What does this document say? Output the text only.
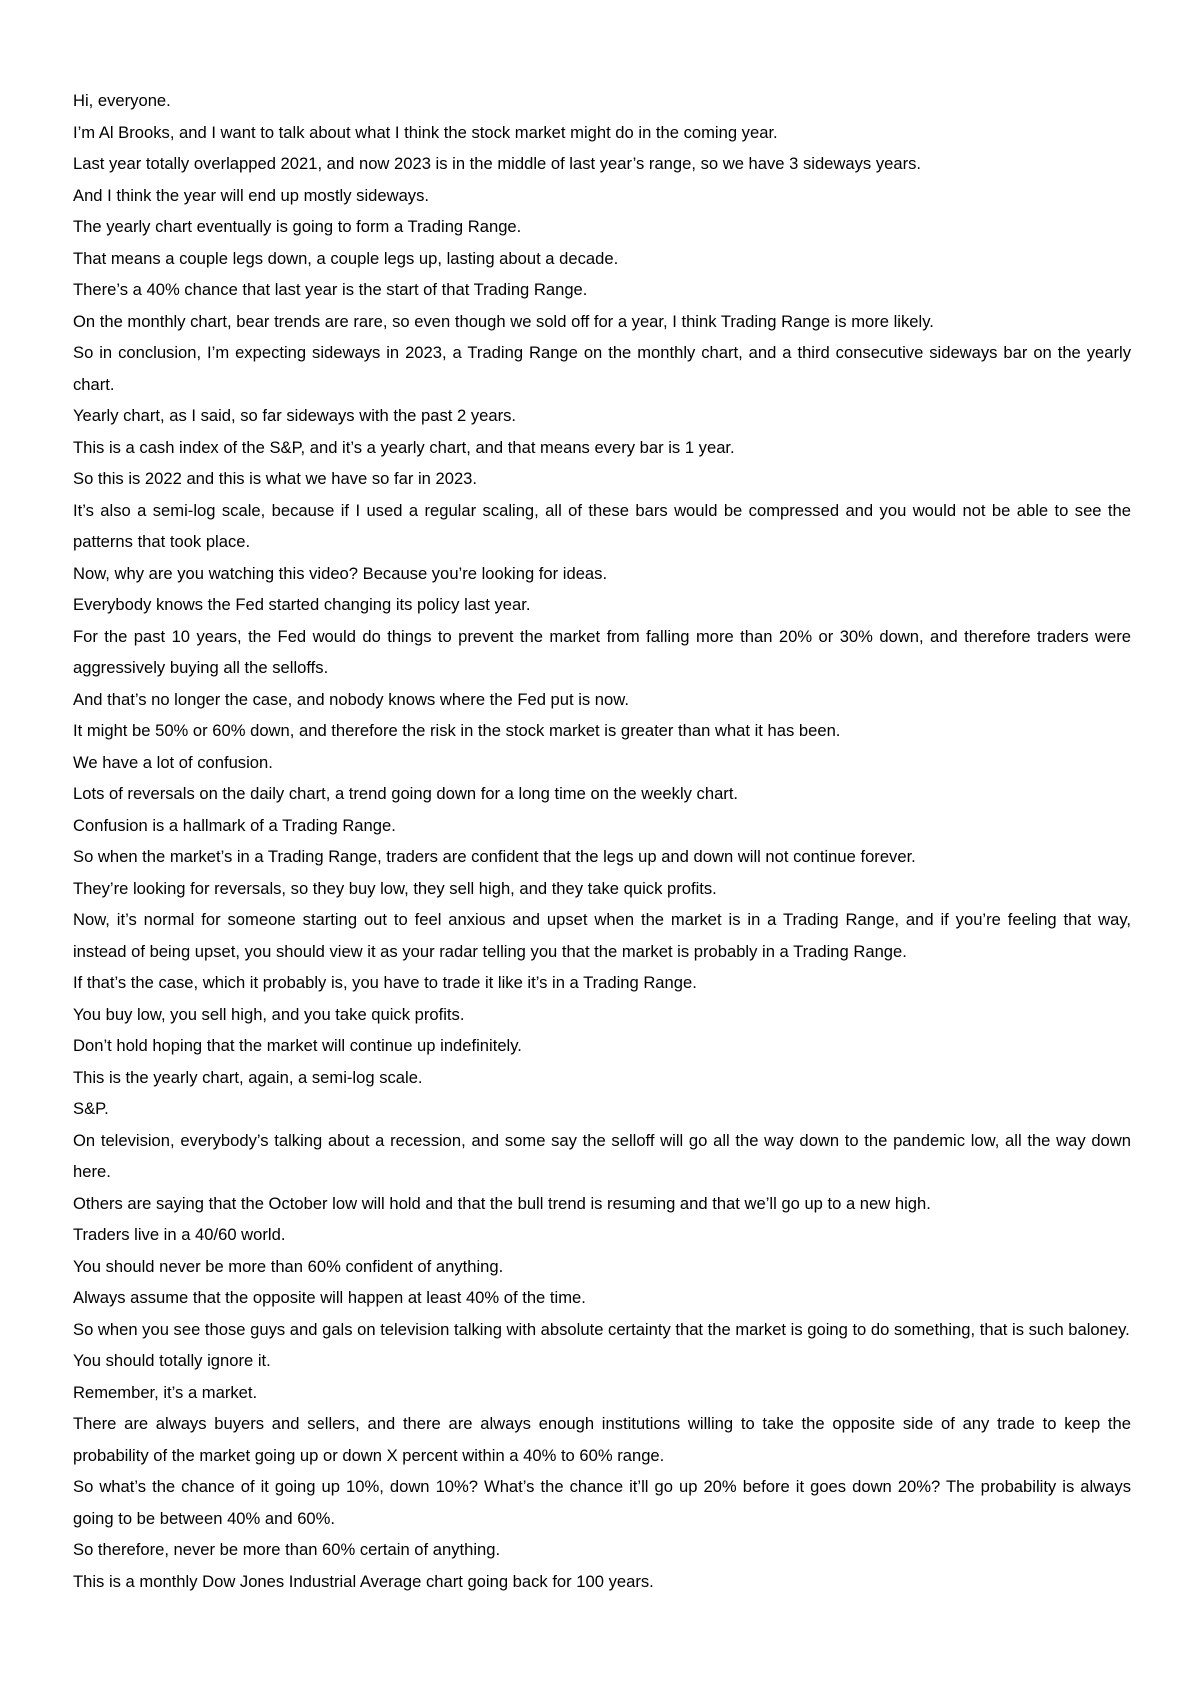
Hi, everyone.

I’m Al Brooks, and I want to talk about what I think the stock market might do in the coming year.

Last year totally overlapped 2021, and now 2023 is in the middle of last year’s range, so we have 3 sideways years.

And I think the year will end up mostly sideways.

The yearly chart eventually is going to form a Trading Range.

That means a couple legs down, a couple legs up, lasting about a decade.

There’s a 40% chance that last year is the start of that Trading Range.

On the monthly chart, bear trends are rare, so even though we sold off for a year, I think Trading Range is more likely.

So in conclusion, I’m expecting sideways in 2023, a Trading Range on the monthly chart, and a third consecutive sideways bar on the yearly chart.

Yearly chart, as I said, so far sideways with the past 2 years.

This is a cash index of the S&P, and it’s a yearly chart, and that means every bar is 1 year.

So this is 2022 and this is what we have so far in 2023.

It’s also a semi-log scale, because if I used a regular scaling, all of these bars would be compressed and you would not be able to see the patterns that took place.

Now, why are you watching this video? Because you’re looking for ideas.

Everybody knows the Fed started changing its policy last year.

For the past 10 years, the Fed would do things to prevent the market from falling more than 20% or 30% down, and therefore traders were aggressively buying all the selloffs.

And that’s no longer the case, and nobody knows where the Fed put is now.

It might be 50% or 60% down, and therefore the risk in the stock market is greater than what it has been.

We have a lot of confusion.

Lots of reversals on the daily chart, a trend going down for a long time on the weekly chart.

Confusion is a hallmark of a Trading Range.

So when the market’s in a Trading Range, traders are confident that the legs up and down will not continue forever.

They’re looking for reversals, so they buy low, they sell high, and they take quick profits.

Now, it’s normal for someone starting out to feel anxious and upset when the market is in a Trading Range, and if you’re feeling that way, instead of being upset, you should view it as your radar telling you that the market is probably in a Trading Range.

If that’s the case, which it probably is, you have to trade it like it’s in a Trading Range.

You buy low, you sell high, and you take quick profits.

Don’t hold hoping that the market will continue up indefinitely.

This is the yearly chart, again, a semi-log scale.

S&P.

On television, everybody’s talking about a recession, and some say the selloff will go all the way down to the pandemic low, all the way down here.

Others are saying that the October low will hold and that the bull trend is resuming and that we’ll go up to a new high.

Traders live in a 40/60 world.

You should never be more than 60% confident of anything.

Always assume that the opposite will happen at least 40% of the time.

So when you see those guys and gals on television talking with absolute certainty that the market is going to do something, that is such baloney.

You should totally ignore it.

Remember, it’s a market.

There are always buyers and sellers, and there are always enough institutions willing to take the opposite side of any trade to keep the probability of the market going up or down X percent within a 40% to 60% range.

So what’s the chance of it going up 10%, down 10%? What’s the chance it’ll go up 20% before it goes down 20%? The probability is always going to be between 40% and 60%.

So therefore, never be more than 60% certain of anything.

This is a monthly Dow Jones Industrial Average chart going back for 100 years.
